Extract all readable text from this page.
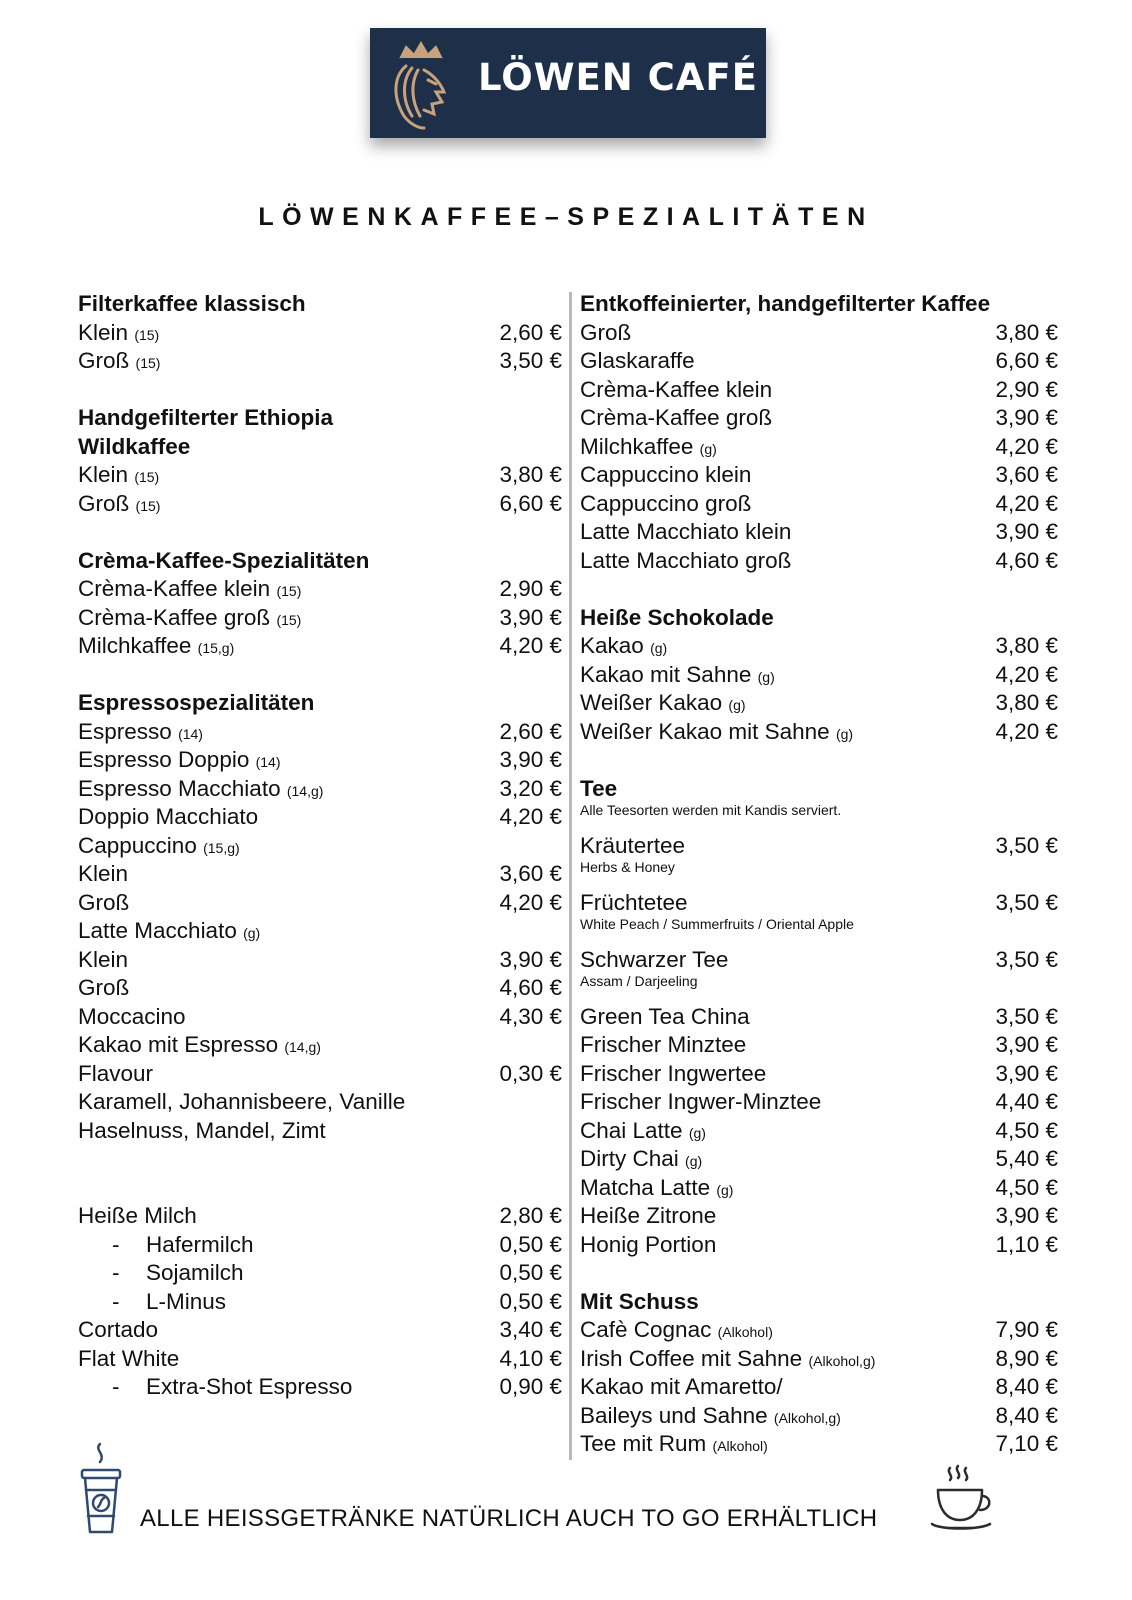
LÖWEN CAFÉ
LÖWENKAFFEE–SPEZIALITÄTEN
Filterkaffee klassisch
Klein (15)	2,60 €
Groß (15)	3,50 €
Handgefilterter Ethiopia
Wildkaffee
Klein (15)	3,80 €
Groß (15)	6,60 €
Crèma-Kaffee-Spezialitäten
Crèma-Kaffee klein (15)	2,90 €
Crèma-Kaffee groß (15)	3,90 €
Milchkaffee (15,g)	4,20 €
Espressospezialitäten
Espresso (14)	2,60 €
Espresso Doppio (14)	3,90 €
Espresso Macchiato (14,g)	3,20 €
Doppio Macchiato	4,20 €
Cappuccino (15,g)
Klein	3,60 €
Groß	4,20 €
Latte Macchiato (g)
Klein	3,90 €
Groß	4,60 €
Moccacino	4,30 €
Kakao mit Espresso (14,g)
Flavour	0,30 €
Karamell, Johannisbeere, Vanille
Haselnuss, Mandel, Zimt
Heiße Milch	2,80 €
- Hafermilch	0,50 €
- Sojamilch	0,50 €
- L-Minus	0,50 €
Cortado	3,40 €
Flat White	4,10 €
- Extra-Shot Espresso	0,90 €
Entkoffeinierter, handgefilterter Kaffee
Groß	3,80 €
Glaskaraffe	6,60 €
Crèma-Kaffee klein	2,90 €
Crèma-Kaffee groß	3,90 €
Milchkaffee (g)	4,20 €
Cappuccino klein	3,60 €
Cappuccino groß	4,20 €
Latte Macchiato klein	3,90 €
Latte Macchiato groß	4,60 €
Heiße Schokolade
Kakao (g)	3,80 €
Kakao mit Sahne (g)	4,20 €
Weißer Kakao (g)	3,80 €
Weißer Kakao mit Sahne (g)	4,20 €
Tee
Alle Teesorten werden mit Kandis serviert.
Kräutertee	3,50 €
Herbs & Honey
Früchtetee	3,50 €
White Peach / Summerfruits / Oriental Apple
Schwarzer Tee	3,50 €
Assam / Darjeeling
Green Tea China	3,50 €
Frischer Minztee	3,90 €
Frischer Ingwertee	3,90 €
Frischer Ingwer-Minztee	4,40 €
Chai Latte (g)	4,50 €
Dirty Chai (g)	5,40 €
Matcha Latte (g)	4,50 €
Heiße Zitrone	3,90 €
Honig Portion	1,10 €
Mit Schuss
Cafè Cognac (Alkohol)	7,90 €
Irish Coffee mit Sahne (Alkohol,g)	8,90 €
Kakao mit Amaretto/	8,40 €
Baileys und Sahne (Alkohol,g)	8,40 €
Tee mit Rum (Alkohol)	7,10 €
ALLE HEISSGETRÄNKE NATÜRLICH AUCH TO GO ERHÄLTLICH
